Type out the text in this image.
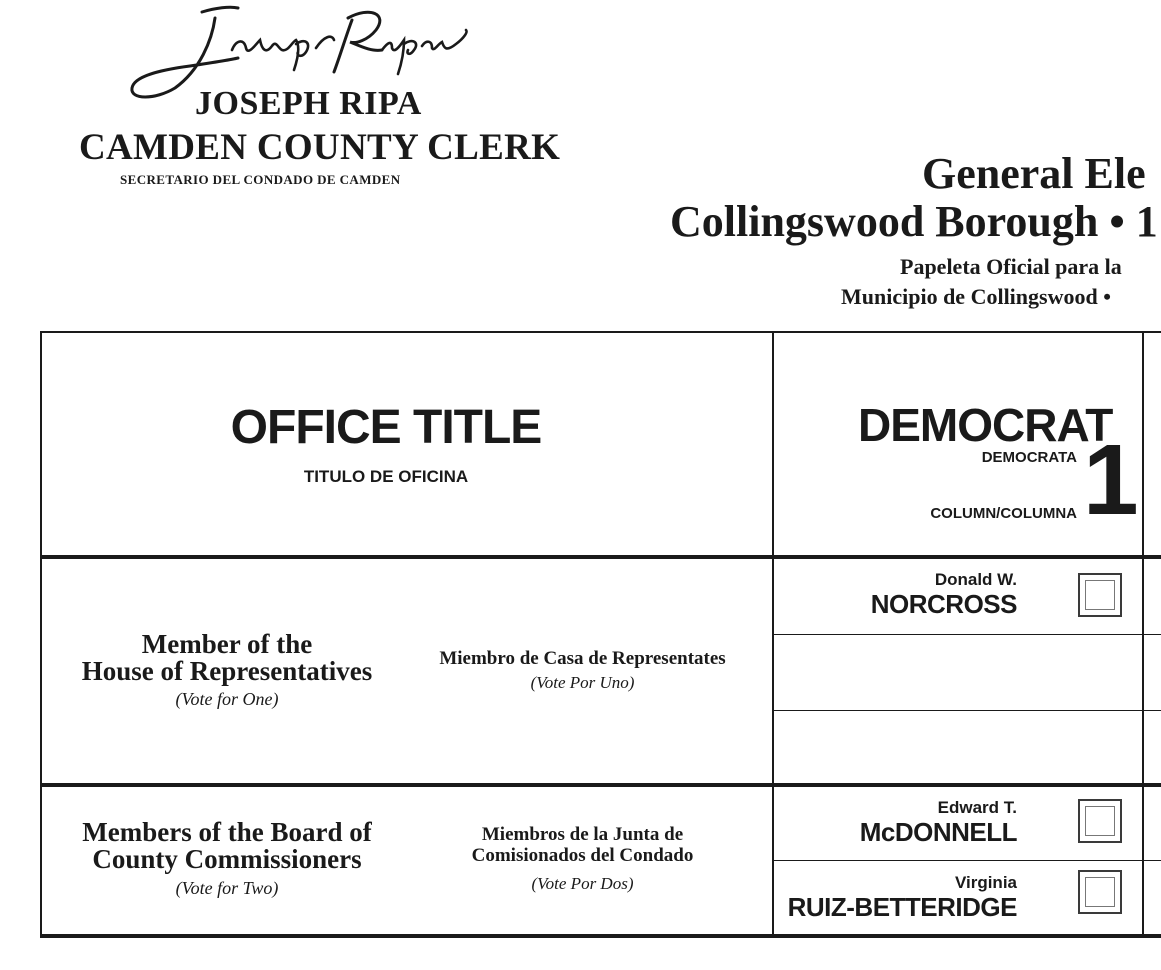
JOSEPH RIPA
CAMDEN COUNTY CLERK
SECRETARIO DEL CONDADO DE CAMDEN	General Ele
Collingswood Borough • 1
Papeleta Oficial para la
Municipio de Collingswood •
OFFICE TITLE
TITULO DE OFICINA
DEMOCRAT
DEMOCRATA
COLUMN/COLUMNA 1
Member of the
House of Representatives
(Vote for One)
Miembro de Casa de Representates
(Vote Por Uno)
Donald W.
NORCROSS
Members of the Board of
County Commissioners
(Vote for Two)
Miembros de la Junta de
Comisionados del Condado
(Vote Por Dos)
Edward T.
McDONNELL
Virginia
RUIZ-BETTERIDGE
